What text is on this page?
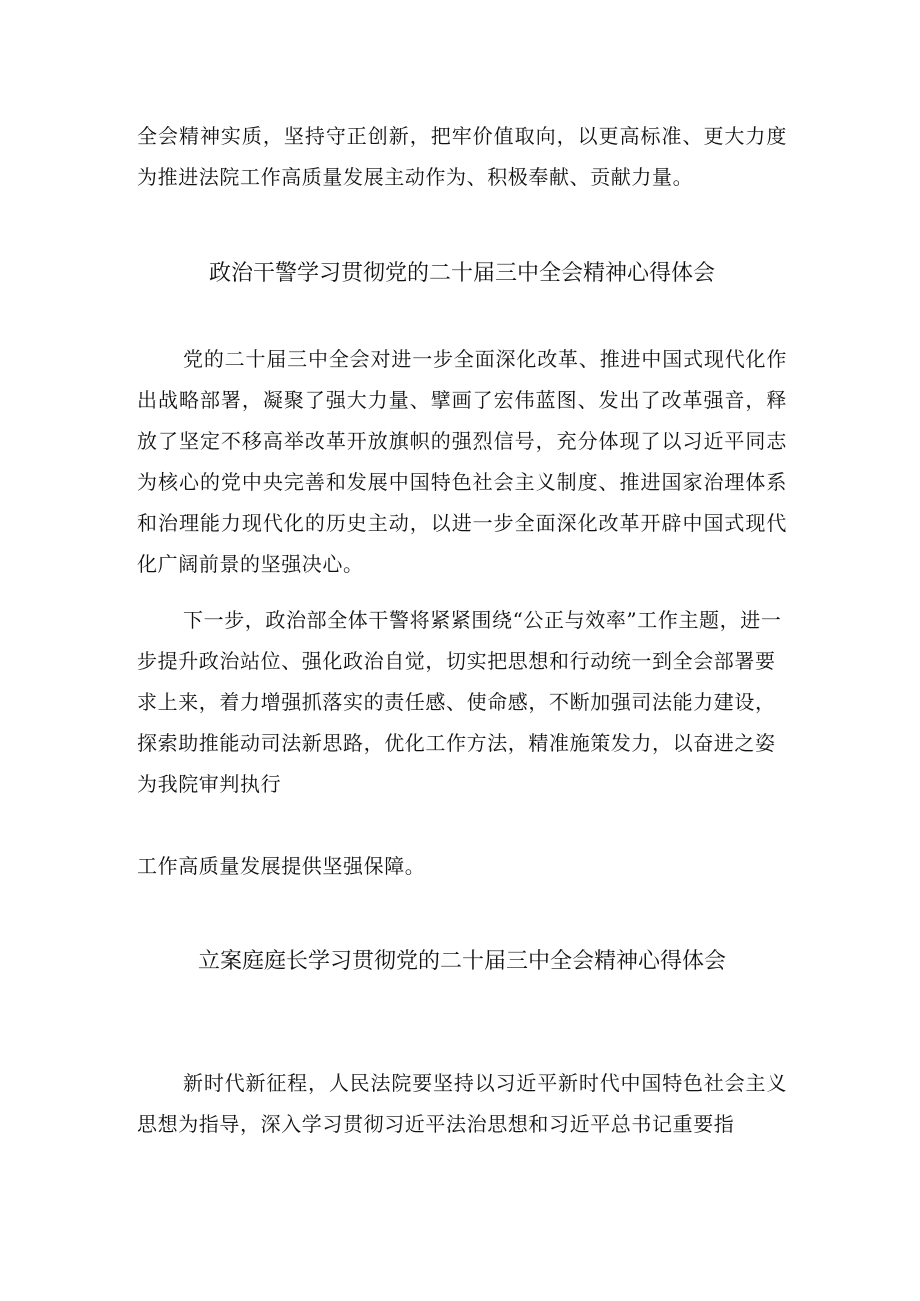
全会精神实质，坚持守正创新，把牢价值取向，以更高标准、更大力度为推进法院工作高质量发展主动作为、积极奉献、贡献力量。

政治干警学习贯彻党的二十届三中全会精神心得体会

党的二十届三中全会对进一步全面深化改革、推进中国式现代化作出战略部署，凝聚了强大力量、擘画了宏伟蓝图、发出了改革强音，释放了坚定不移高举改革开放旗帜的强烈信号，充分体现了以习近平同志为核心的党中央完善和发展中国特色社会主义制度、推进国家治理体系和治理能力现代化的历史主动，以进一步全面深化改革开辟中国式现代化广阔前景的坚强决心。

下一步，政治部全体干警将紧紧围绕“公正与效率”工作主题，进一步提升政治站位、强化政治自觉，切实把思想和行动统一到全会部署要求上来，着力增强抓落实的责任感、使命感，不断加强司法能力建设，探索助推能动司法新思路，优化工作方法，精准施策发力，以奋进之姿为我院审判执行

工作高质量发展提供坚强保障。

立案庭庭长学习贯彻党的二十届三中全会精神心得体会

新时代新征程，人民法院要坚持以习近平新时代中国特色社会主义思想为指导，深入学习贯彻习近平法治思想和习近平总书记重要指
